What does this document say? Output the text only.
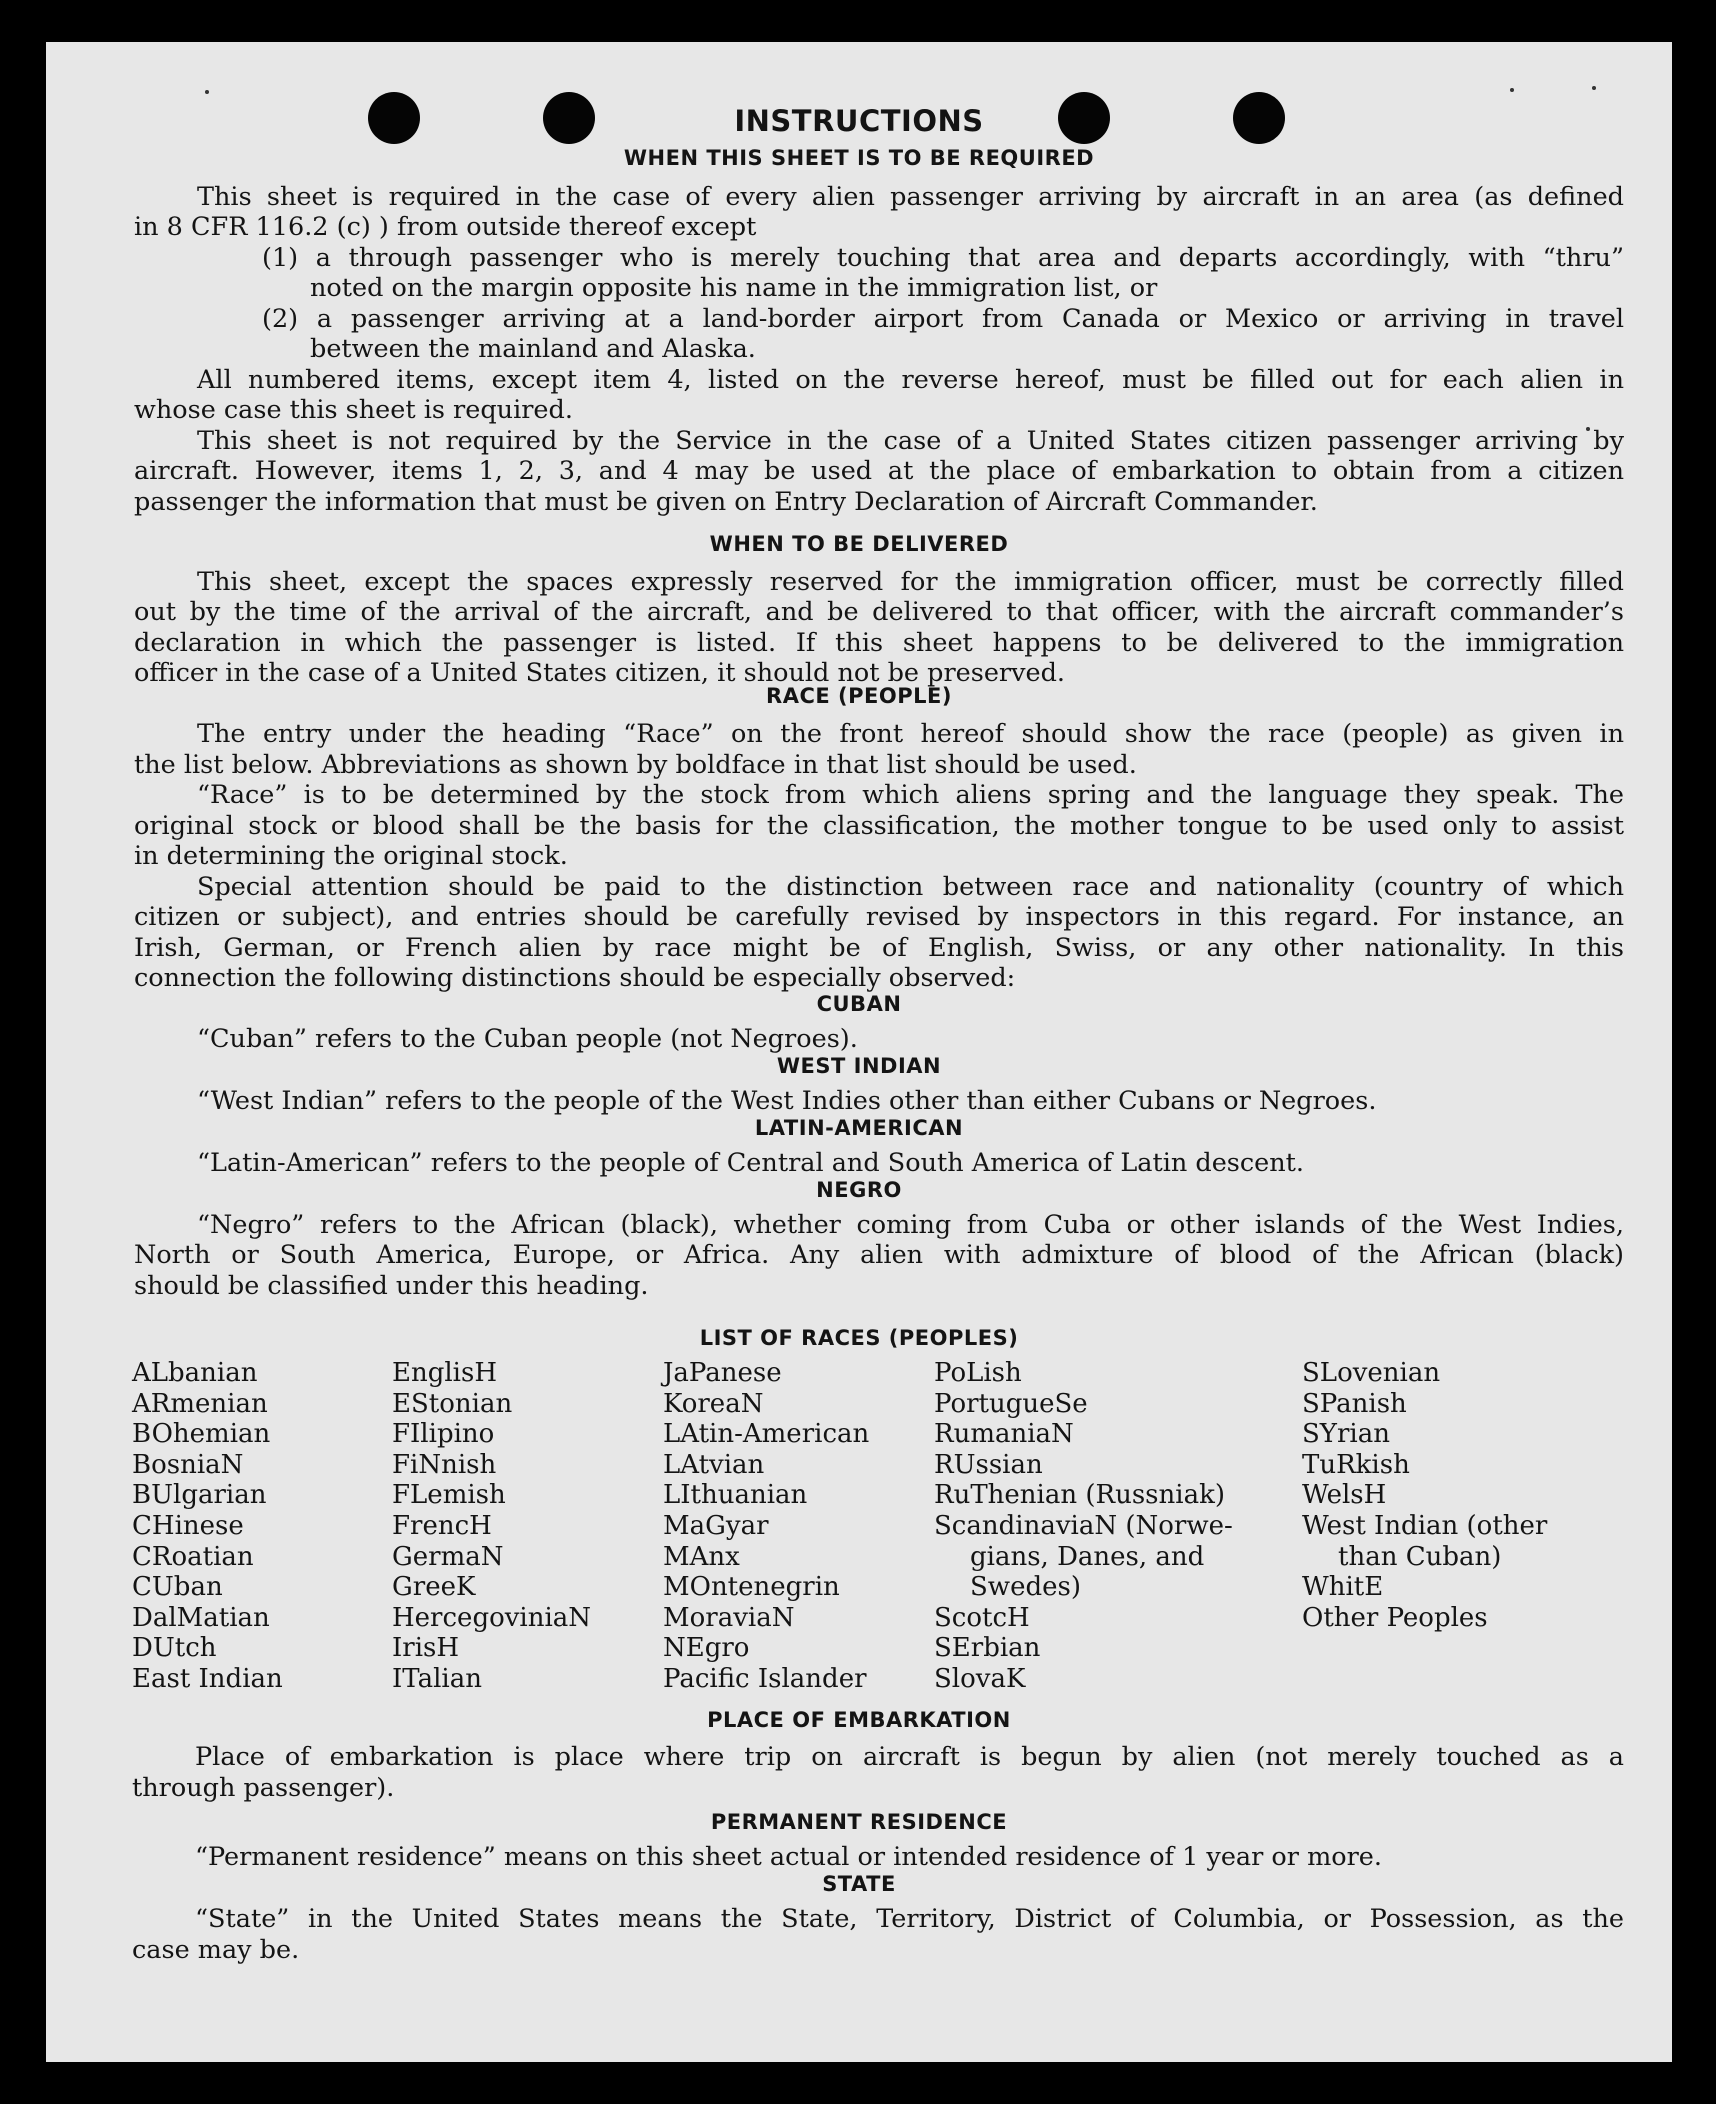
INSTRUCTIONS
WHEN THIS SHEET IS TO BE REQUIRED
WHEN TO BE DELIVERED
RACE (PEOPLE)
CUBAN
WEST INDIAN
LATIN-AMERICAN
NEGRO
LIST OF RACES (PEOPLES)
PLACE OF EMBARKATION
PERMANENT RESIDENCE
STATE
This sheet is required in the case of every alien passenger arriving by aircraft in an area (as defined
in 8 CFR 116.2 (c) ) from outside thereof except
(1) a through passenger who is merely touching that area and departs accordingly, with “thru”
noted on the margin opposite his name in the immigration list, or
(2) a passenger arriving at a land-border airport from Canada or Mexico or arriving in travel
between the mainland and Alaska.
All numbered items, except item 4, listed on the reverse hereof, must be filled out for each alien in
whose case this sheet is required.
This sheet is not required by the Service in the case of a United States citizen passenger arriving by
aircraft. However, items 1, 2, 3, and 4 may be used at the place of embarkation to obtain from a citizen
passenger the information that must be given on Entry Declaration of Aircraft Commander.
This sheet, except the spaces expressly reserved for the immigration officer, must be correctly filled
out by the time of the arrival of the aircraft, and be delivered to that officer, with the aircraft commander’s
declaration in which the passenger is listed. If this sheet happens to be delivered to the immigration
officer in the case of a United States citizen, it should not be preserved.
The entry under the heading “Race” on the front hereof should show the race (people) as given in
the list below. Abbreviations as shown by boldface in that list should be used.
“Race” is to be determined by the stock from which aliens spring and the language they speak. The
original stock or blood shall be the basis for the classification, the mother tongue to be used only to assist
in determining the original stock.
Special attention should be paid to the distinction between race and nationality (country of which
citizen or subject), and entries should be carefully revised by inspectors in this regard. For instance, an
Irish, German, or French alien by race might be of English, Swiss, or any other nationality. In this
connection the following distinctions should be especially observed:
“Cuban” refers to the Cuban people (not Negroes).
“West Indian” refers to the people of the West Indies other than either Cubans or Negroes.
“Latin-American” refers to the people of Central and South America of Latin descent.
“Negro” refers to the African (black), whether coming from Cuba or other islands of the West Indies,
North or South America, Europe, or Africa. Any alien with admixture of blood of the African (black)
should be classified under this heading.
ALbanian
ARmenian
BOhemian
BosniaN
BUlgarian
CHinese
CRoatian
CUban
DalMatian
DUtch
East Indian
EnglisH
EStonian
FIlipino
FiNnish
FLemish
FrencH
GermaN
GreeK
HercegoviniaN
IrisH
ITalian
JaPanese
KoreaN
LAtin-American
LAtvian
LIthuanian
MaGyar
MAnx
MOntenegrin
MoraviaN
NEgro
Pacific Islander
PoLish
PortugueSe
RumaniaN
RUssian
RuThenian (Russniak)
ScandinaviaN (Norwe-
gians, Danes, and
Swedes)
ScotcH
SErbian
SlovaK
SLovenian
SPanish
SYrian
TuRkish
WelsH
West Indian (other
than Cuban)
WhitE
Other Peoples
Place of embarkation is place where trip on aircraft is begun by alien (not merely touched as a
through passenger).
“Permanent residence” means on this sheet actual or intended residence of 1 year or more.
“State” in the United States means the State, Territory, District of Columbia, or Possession, as the
case may be.
